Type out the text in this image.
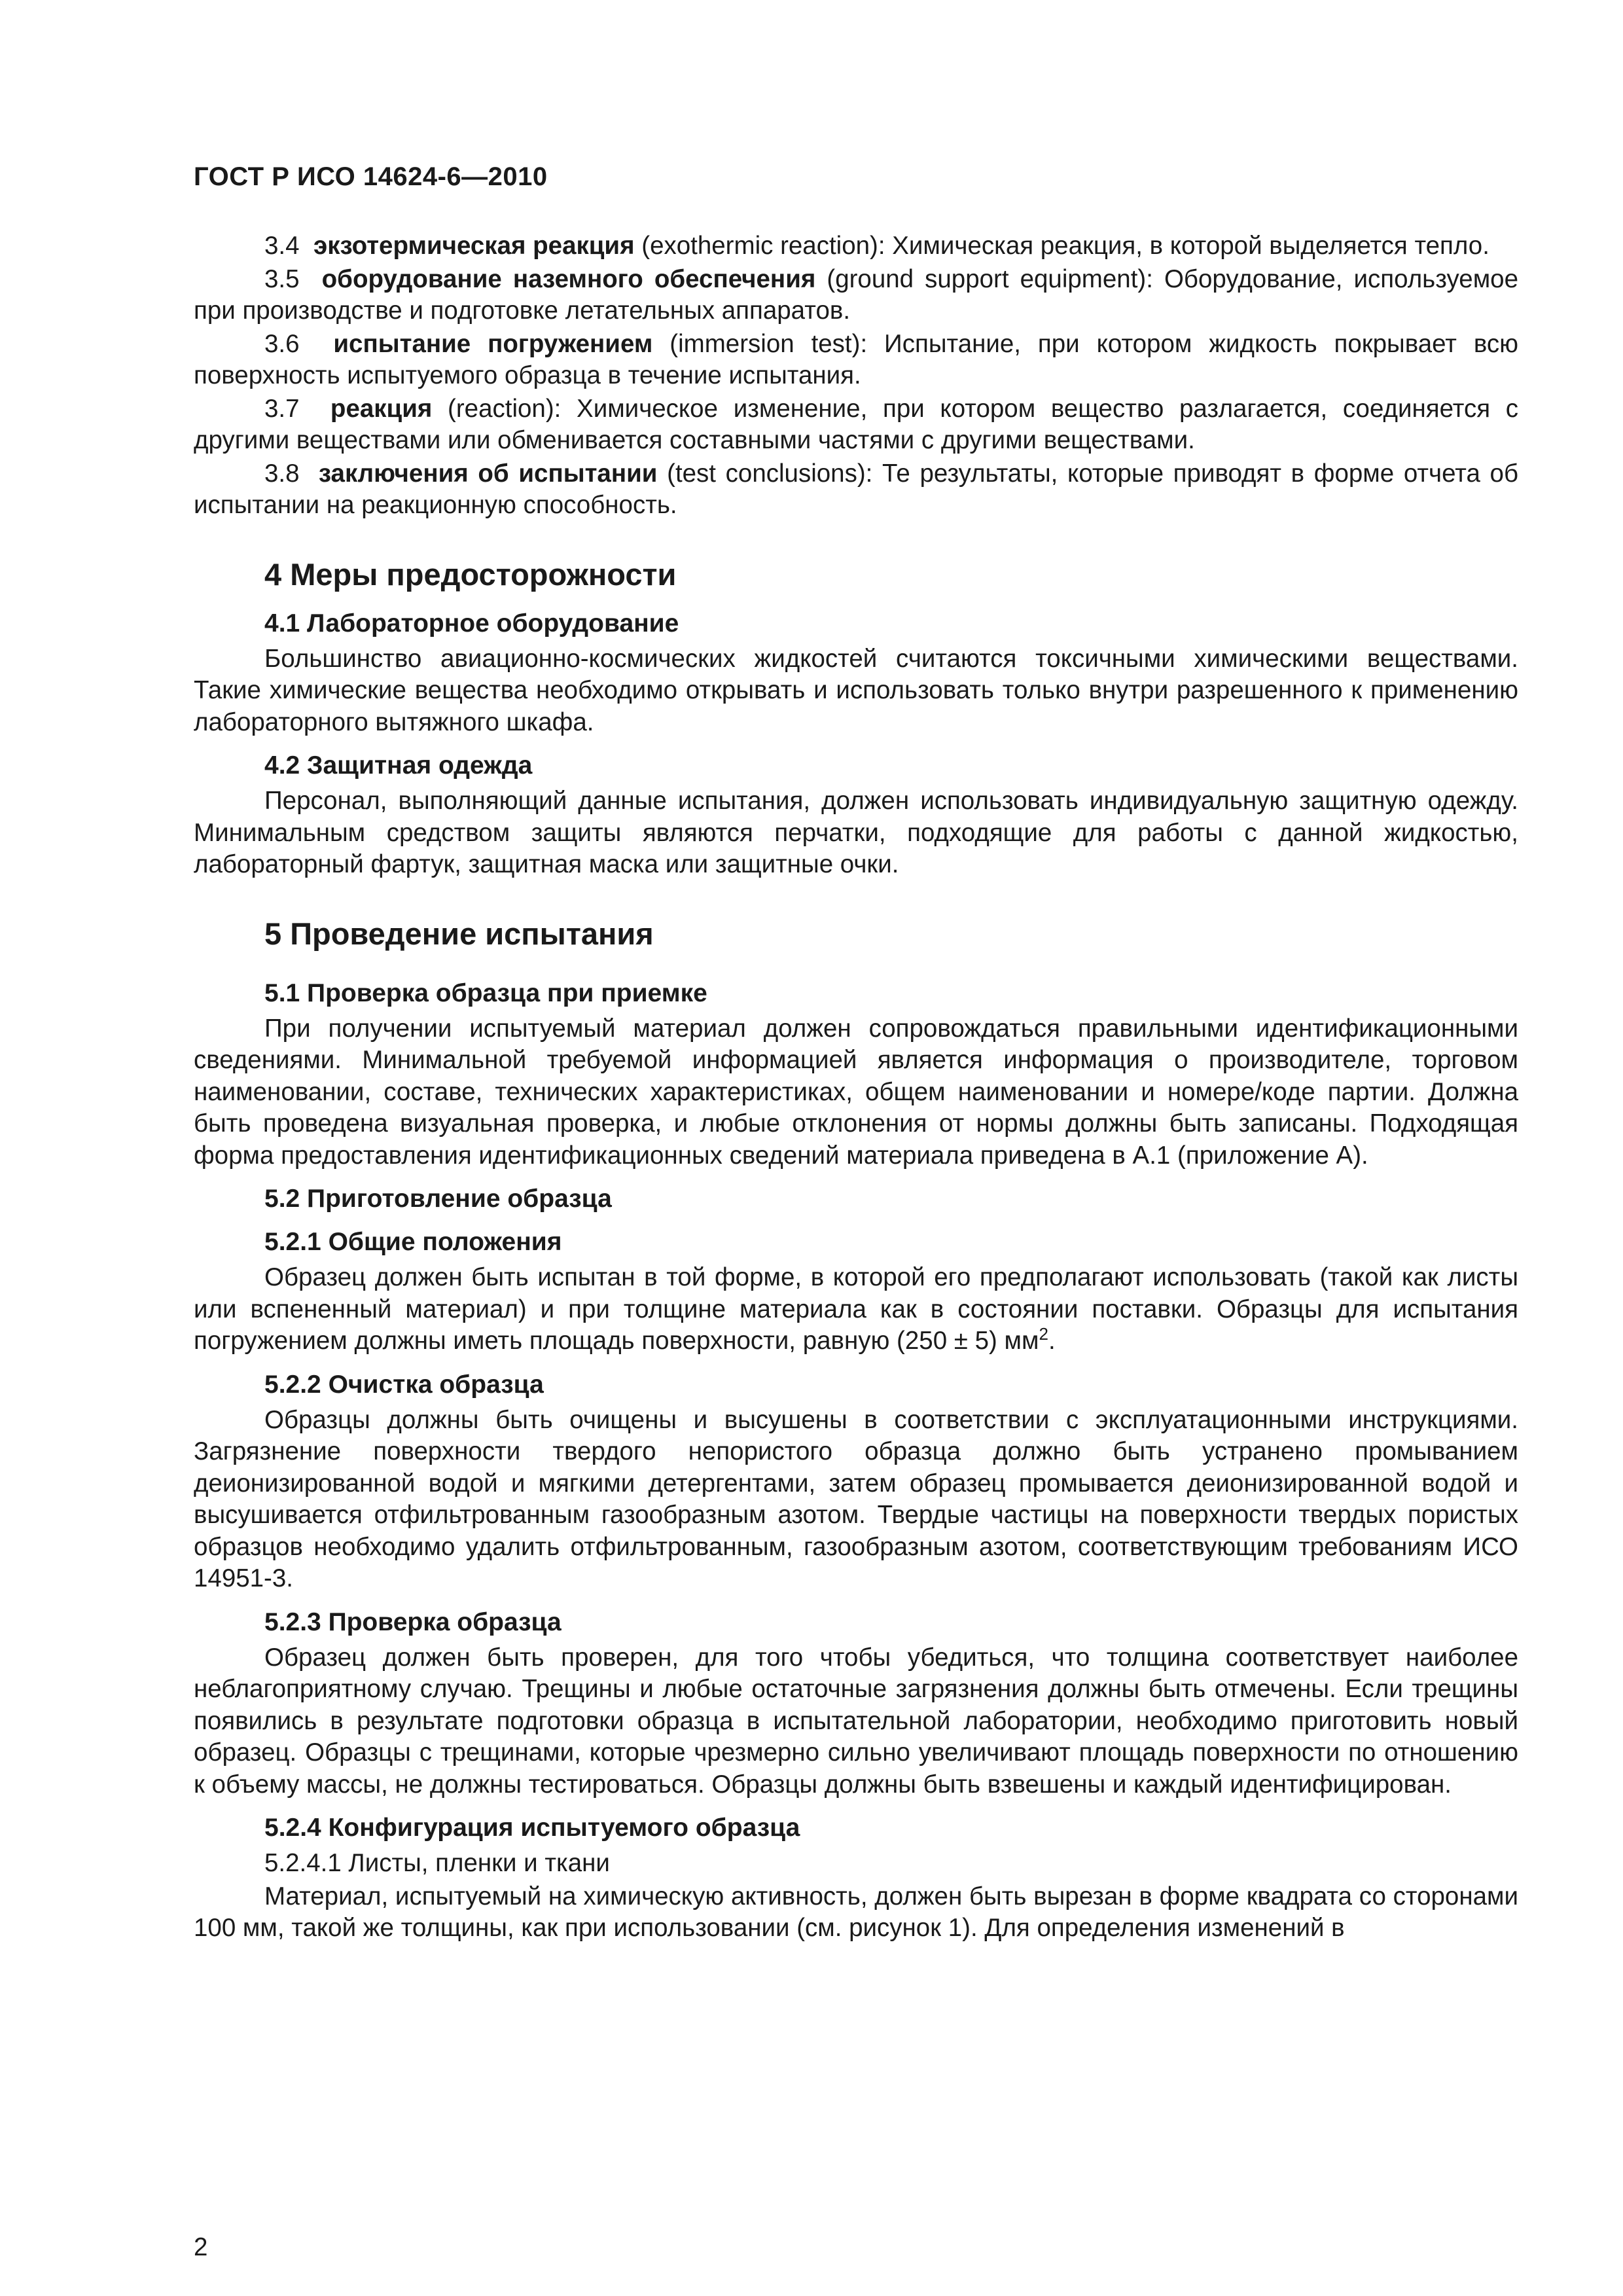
ГОСТ Р ИСО 14624-6—2010

3.4 экзотермическая реакция (exothermic reaction): Химическая реакция, в которой выделяется тепло.

3.5 оборудование наземного обеспечения (ground support equipment): Оборудование, используемое при производстве и подготовке летательных аппаратов.

3.6 испытание погружением (immersion test): Испытание, при котором жидкость покрывает всю поверхность испытуемого образца в течение испытания.

3.7 реакция (reaction): Химическое изменение, при котором вещество разлагается, соединяется с другими веществами или обменивается составными частями с другими веществами.

3.8 заключения об испытании (test conclusions): Те результаты, которые приводят в форме отчета об испытании на реакционную способность.

4 Меры предосторожности
4.1 Лабораторное оборудование

Большинство авиационно-космических жидкостей считаются токсичными химическими веществами. Такие химические вещества необходимо открывать и использовать только внутри разрешенного к применению лабораторного вытяжного шкафа.

4.2 Защитная одежда

Персонал, выполняющий данные испытания, должен использовать индивидуальную защитную одежду. Минимальным средством защиты являются перчатки, подходящие для работы с данной жидкостью, лабораторный фартук, защитная маска или защитные очки.

5 Проведение испытания
5.1 Проверка образца при приемке

При получении испытуемый материал должен сопровождаться правильными идентификационными сведениями. Минимальной требуемой информацией является информация о производителе, торговом наименовании, составе, технических характеристиках, общем наименовании и номере/коде партии. Должна быть проведена визуальная проверка, и любые отклонения от нормы должны быть записаны. Подходящая форма предоставления идентификационных сведений материала приведена в А.1 (приложение А).

5.2 Приготовление образца
5.2.1 Общие положения

Образец должен быть испытан в той форме, в которой его предполагают использовать (такой как листы или вспененный материал) и при толщине материала как в состоянии поставки. Образцы для испытания погружением должны иметь площадь поверхности, равную (250 ± 5) $мм^2$.

5.2.2 Очистка образца

Образцы должны быть очищены и высушены в соответствии с эксплуатационными инструкциями. Загрязнение поверхности твердого непористого образца должно быть устранено промыванием деионизированной водой и мягкими детергентами, затем образец промывается деионизированной водой и высушивается отфильтрованным газообразным азотом. Твердые частицы на поверхности твердых пористых образцов необходимо удалить отфильтрованным, газообразным азотом, соответствующим требованиям ИСО 14951-3.

5.2.3 Проверка образца

Образец должен быть проверен, для того чтобы убедиться, что толщина соответствует наиболее неблагоприятному случаю. Трещины и любые остаточные загрязнения должны быть отмечены. Если трещины появились в результате подготовки образца в испытательной лаборатории, необходимо приготовить новый образец. Образцы с трещинами, которые чрезмерно сильно увеличивают площадь поверхности по отношению к объему массы, не должны тестироваться. Образцы должны быть взвешены и каждый идентифицирован.

5.2.4 Конфигурация испытуемого образца

5.2.4.1 Листы, пленки и ткани

Материал, испытуемый на химическую активность, должен быть вырезан в форме квадрата со сторонами 100 мм, такой же толщины, как при использовании (см. рисунок 1). Для определения изменений в

2
